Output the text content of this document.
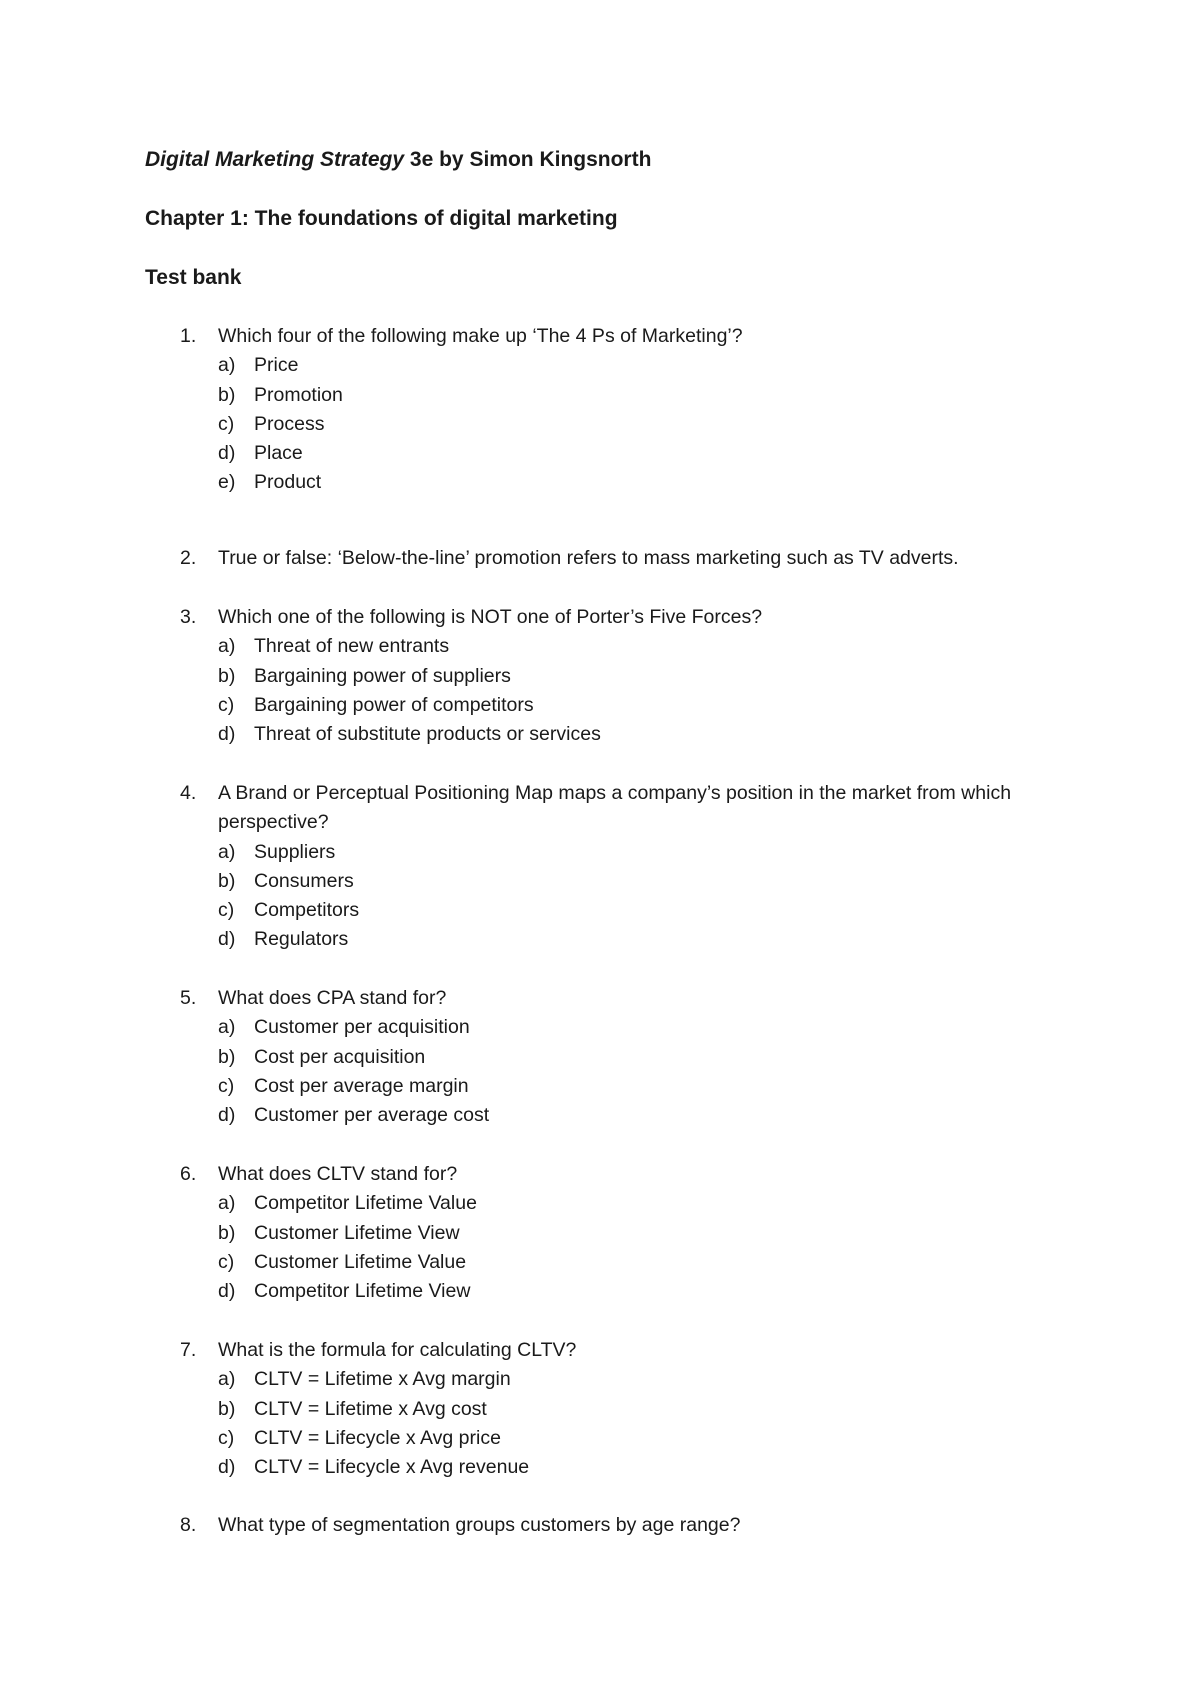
Digital Marketing Strategy 3e by Simon Kingsnorth
Chapter 1: The foundations of digital marketing
Test bank
1.	Which four of the following make up ‘The 4 Ps of Marketing’?
a) Price
b) Promotion
c) Process
d) Place
e) Product
2.	True or false: ‘Below-the-line’ promotion refers to mass marketing such as TV adverts.
3.	Which one of the following is NOT one of Porter’s Five Forces?
a) Threat of new entrants
b) Bargaining power of suppliers
c) Bargaining power of competitors
d) Threat of substitute products or services
4.	A Brand or Perceptual Positioning Map maps a company’s position in the market from which perspective?
a) Suppliers
b) Consumers
c) Competitors
d) Regulators
5.	What does CPA stand for?
a) Customer per acquisition
b) Cost per acquisition
c) Cost per average margin
d) Customer per average cost
6.	What does CLTV stand for?
a) Competitor Lifetime Value
b) Customer Lifetime View
c) Customer Lifetime Value
d) Competitor Lifetime View
7.	What is the formula for calculating CLTV?
a) CLTV = Lifetime x Avg margin
b) CLTV = Lifetime x Avg cost
c) CLTV = Lifecycle x Avg price
d) CLTV = Lifecycle x Avg revenue
8.	What type of segmentation groups customers by age range?
